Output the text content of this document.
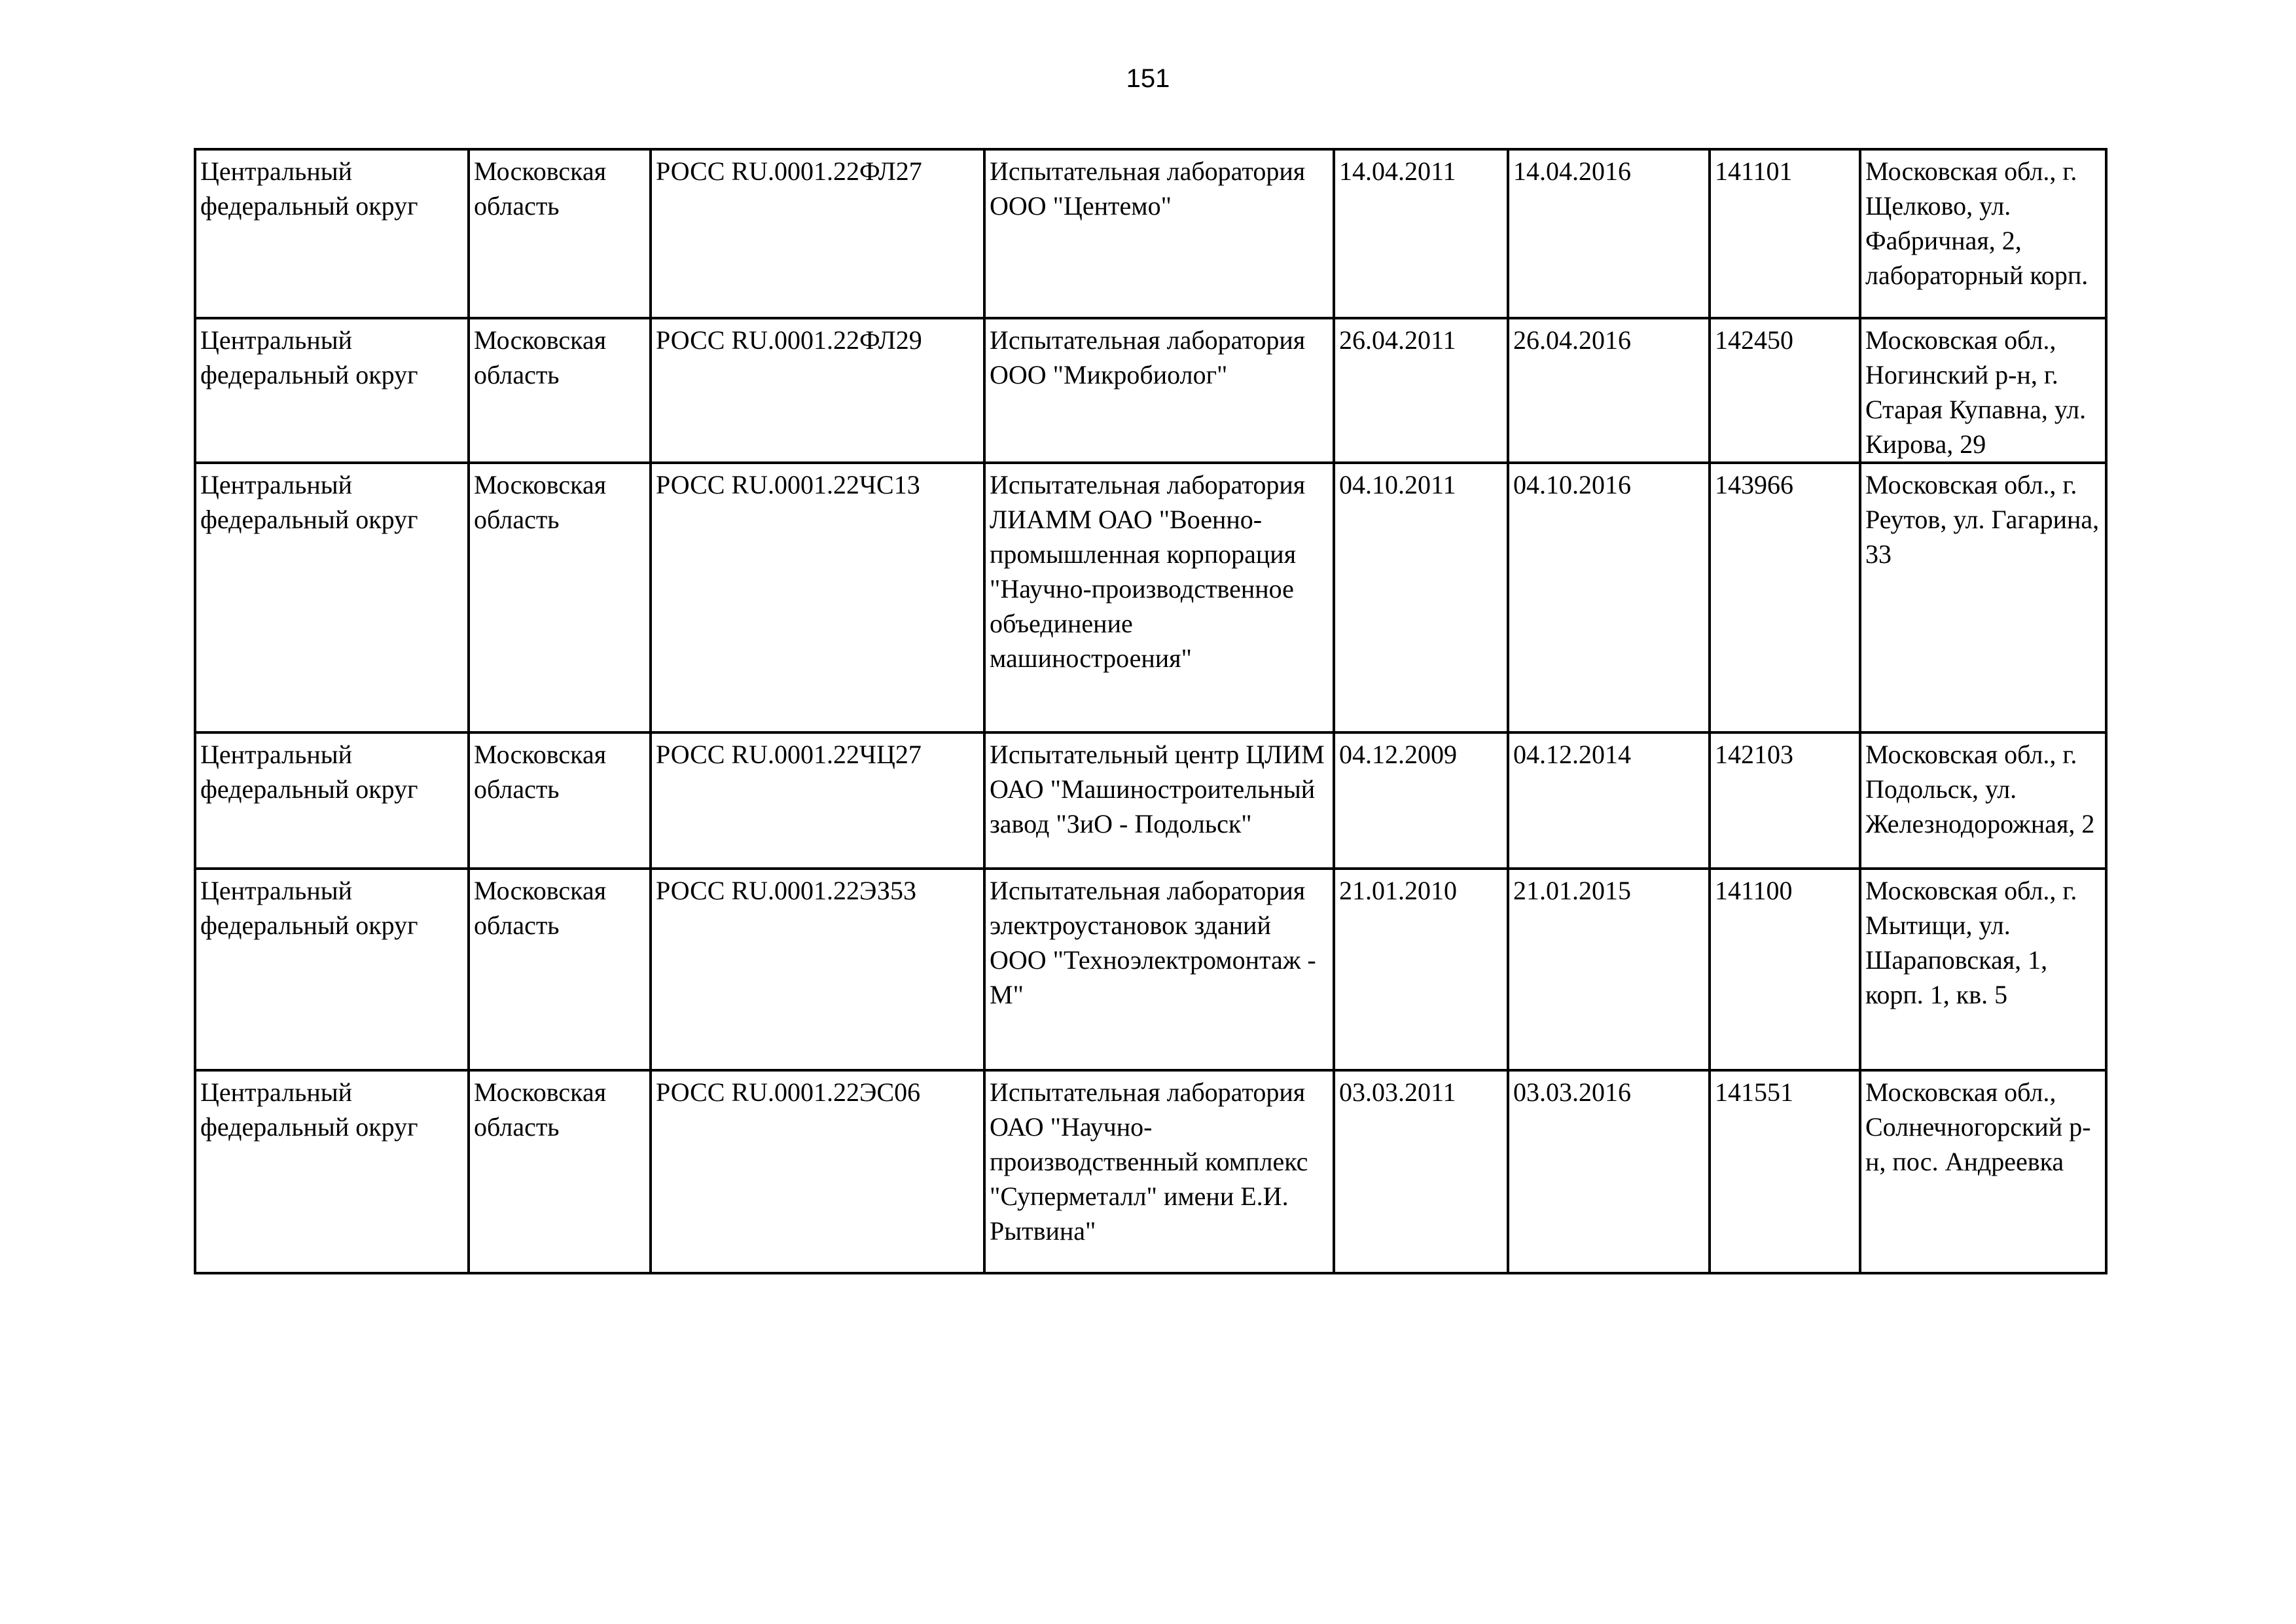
151
Центральный федеральный округ	Московская область	РОСС RU.0001.22ФЛ27	Испытательная лаборатория ООО "Центемо"	14.04.2011	14.04.2016	141101	Московская обл., г. Щелково, ул. Фабричная, 2, лабораторный корп.
Центральный федеральный округ	Московская область	РОСС RU.0001.22ФЛ29	Испытательная лаборатория ООО "Микробиолог"	26.04.2011	26.04.2016	142450	Московская обл., Ногинский р-н, г. Старая Купавна, ул. Кирова, 29
Центральный федеральный округ	Московская область	РОСС RU.0001.22ЧС13	Испытательная лаборатория ЛИАММ ОАО "Военно-промышленная корпорация "Научно-производственное объединение машиностроения"	04.10.2011	04.10.2016	143966	Московская обл., г. Реутов, ул. Гагарина, 33
Центральный федеральный округ	Московская область	РОСС RU.0001.22ЧЦ27	Испытательный центр ЦЛИМ ОАО "Машиностроительный завод "ЗиО - Подольск"	04.12.2009	04.12.2014	142103	Московская обл., г. Подольск, ул. Железнодорожная, 2
Центральный федеральный округ	Московская область	РОСС RU.0001.22ЭЗ53	Испытательная лаборатория электроустановок зданий ООО "Техноэлектромонтаж - М"	21.01.2010	21.01.2015	141100	Московская обл., г. Мытищи, ул. Шараповская, 1, корп. 1, кв. 5
Центральный федеральный округ	Московская область	РОСС RU.0001.22ЭС06	Испытательная лаборатория ОАО "Научно-производственный комплекс "Суперметалл" имени Е.И. Рытвина"	03.03.2011	03.03.2016	141551	Московская обл., Солнечногорский р-н, пос. Андреевка
